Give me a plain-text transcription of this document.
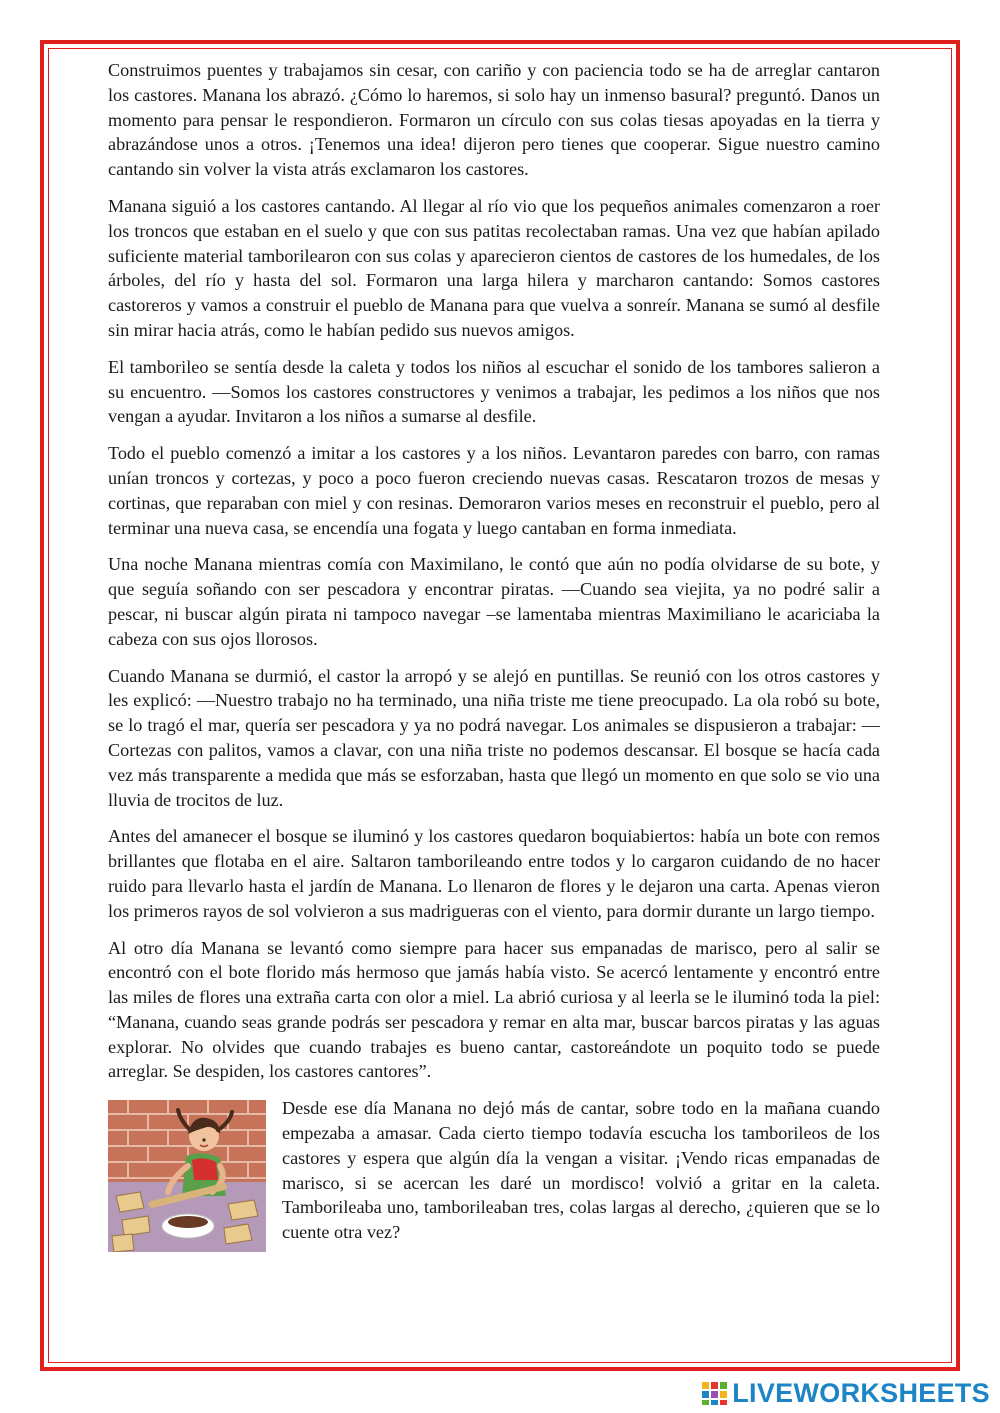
Construimos puentes y trabajamos sin cesar, con cariño y con paciencia todo se ha de arreglar cantaron los castores. Manana los abrazó. ¿Cómo lo haremos, si solo hay un inmenso basural? preguntó. Danos un momento para pensar le respondieron. Formaron un círculo con sus colas tiesas apoyadas en la tierra y abrazándose unos a otros. ¡Tenemos una idea! dijeron pero tienes que cooperar. Sigue nuestro camino cantando sin volver la vista atrás exclamaron los castores.

Manana siguió a los castores cantando. Al llegar al río vio que los pequeños animales comenzaron a roer los troncos que estaban en el suelo y que con sus patitas recolectaban ramas. Una vez que habían apilado suficiente material tamborilearon con sus colas y aparecieron cientos de castores de los humedales, de los árboles, del río y hasta del sol. Formaron una larga hilera y marcharon cantando: Somos castores castoreros y vamos a construir el pueblo de Manana para que vuelva a sonreír. Manana se sumó al desfile sin mirar hacia atrás, como le habían pedido sus nuevos amigos.

El tamborileo se sentía desde la caleta y todos los niños al escuchar el sonido de los tambores salieron a su encuentro. —Somos los castores constructores y venimos a trabajar, les pedimos a los niños que nos vengan a ayudar. Invitaron a los niños a sumarse al desfile.

Todo el pueblo comenzó a imitar a los castores y a los niños. Levantaron paredes con barro, con ramas unían troncos y cortezas, y poco a poco fueron creciendo nuevas casas. Rescataron trozos de mesas y cortinas, que reparaban con miel y con resinas. Demoraron varios meses en reconstruir el pueblo, pero al terminar una nueva casa, se encendía una fogata y luego cantaban en forma inmediata.

Una noche Manana mientras comía con Maximilano, le contó que aún no podía olvidarse de su bote, y que seguía soñando con ser pescadora y encontrar piratas. —Cuando sea viejita, ya no podré salir a pescar, ni buscar algún pirata ni tampoco navegar –se lamentaba mientras Maximiliano le acariciaba la cabeza con sus ojos llorosos.

Cuando Manana se durmió, el castor la arropó y se alejó en puntillas. Se reunió con los otros castores y les explicó: —Nuestro trabajo no ha terminado, una niña triste me tiene preocupado. La ola robó su bote, se lo tragó el mar, quería ser pescadora y ya no podrá navegar. Los animales se dispusieron a trabajar: —Cortezas con palitos, vamos a clavar, con una niña triste no podemos descansar. El bosque se hacía cada vez más transparente a medida que más se esforzaban, hasta que llegó un momento en que solo se vio una lluvia de trocitos de luz.

Antes del amanecer el bosque se iluminó y los castores quedaron boquiabiertos: había un bote con remos brillantes que flotaba en el aire. Saltaron tamborileando entre todos y lo cargaron cuidando de no hacer ruido para llevarlo hasta el jardín de Manana. Lo llenaron de flores y le dejaron una carta. Apenas vieron los primeros rayos de sol volvieron a sus madrigueras con el viento, para dormir durante un largo tiempo.

Al otro día Manana se levantó como siempre para hacer sus empanadas de marisco, pero al salir se encontró con el bote florido más hermoso que jamás había visto. Se acercó lentamente y encontró entre las miles de flores una extraña carta con olor a miel. La abrió curiosa y al leerla se le iluminó toda la piel: “Manana, cuando seas grande podrás ser pescadora y remar en alta mar, buscar barcos piratas y las aguas explorar. No olvides que cuando trabajes es bueno cantar, castoreándote un poquito todo se puede arreglar. Se despiden, los castores cantores”.

Desde ese día Manana no dejó más de cantar, sobre todo en la mañana cuando empezaba a amasar. Cada cierto tiempo todavía escucha los tamborileos de los castores y espera que algún día la vengan a visitar. ¡Vendo ricas empanadas de marisco, si se acercan les daré un mordisco! volvió a gritar en la caleta. Tamborileaba uno, tamborileaban tres, colas largas al derecho, ¿quieren que se lo cuente otra vez?

LIVEWORKSHEETS
